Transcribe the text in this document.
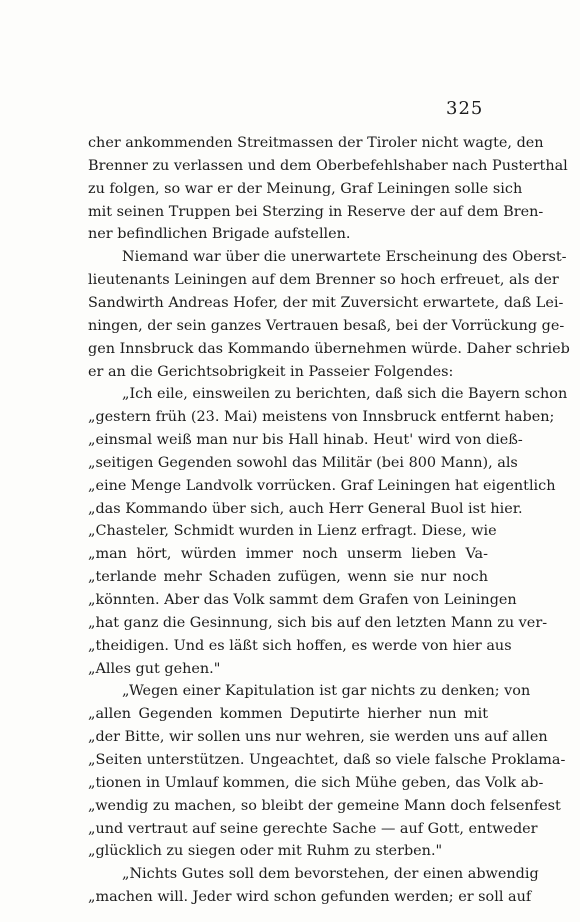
325
cher ankommenden Streitmassen der Tiroler nicht wagte, den
Brenner zu verlassen und dem Oberbefehlshaber nach Pusterthal
zu folgen, so war er der Meinung, Graf Leiningen solle sich
mit seinen Truppen bei Sterzing in Reserve der auf dem Bren-
ner befindlichen Brigade aufstellen.
Niemand war über die unerwartete Erscheinung des Oberst-
lieutenants Leiningen auf dem Brenner so hoch erfreuet, als der
Sandwirth Andreas Hofer, der mit Zuversicht erwartete, daß Lei-
ningen, der sein ganzes Vertrauen besaß, bei der Vorrückung ge-
gen Innsbruck das Kommando übernehmen würde. Daher schrieb
er an die Gerichtsobrigkeit in Passeier Folgendes:
„Ich eile, einsweilen zu berichten, daß sich die Bayern schon
„gestern früh (23. Mai) meistens von Innsbruck entfernt haben;
„einsmal weiß man nur bis Hall hinab. Heut' wird von dieß-
„seitigen Gegenden sowohl das Militär (bei 800 Mann), als
„eine Menge Landvolk vorrücken. Graf Leiningen hat eigentlich
„das Kommando über sich, auch Herr General Buol ist hier.
„Chasteler, Schmidt wurden in Lienz erfragt. Diese, wie
„man hört, würden immer noch unserm lieben Va-
„terlande mehr Schaden zufügen, wenn sie nur noch
„könnten. Aber das Volk sammt dem Grafen von Leiningen
„hat ganz die Gesinnung, sich bis auf den letzten Mann zu ver-
„theidigen. Und es läßt sich hoffen, es werde von hier aus
„Alles gut gehen."
„Wegen einer Kapitulation ist gar nichts zu denken; von
„allen Gegenden kommen Deputirte hierher nun mit
„der Bitte, wir sollen uns nur wehren, sie werden uns auf allen
„Seiten unterstützen. Ungeachtet, daß so viele falsche Proklama-
„tionen in Umlauf kommen, die sich Mühe geben, das Volk ab-
„wendig zu machen, so bleibt der gemeine Mann doch felsenfest
„und vertraut auf seine gerechte Sache — auf Gott, entweder
„glücklich zu siegen oder mit Ruhm zu sterben."
„Nichts Gutes soll dem bevorstehen, der einen abwendig
„machen will. Jeder wird schon gefunden werden; er soll auf
